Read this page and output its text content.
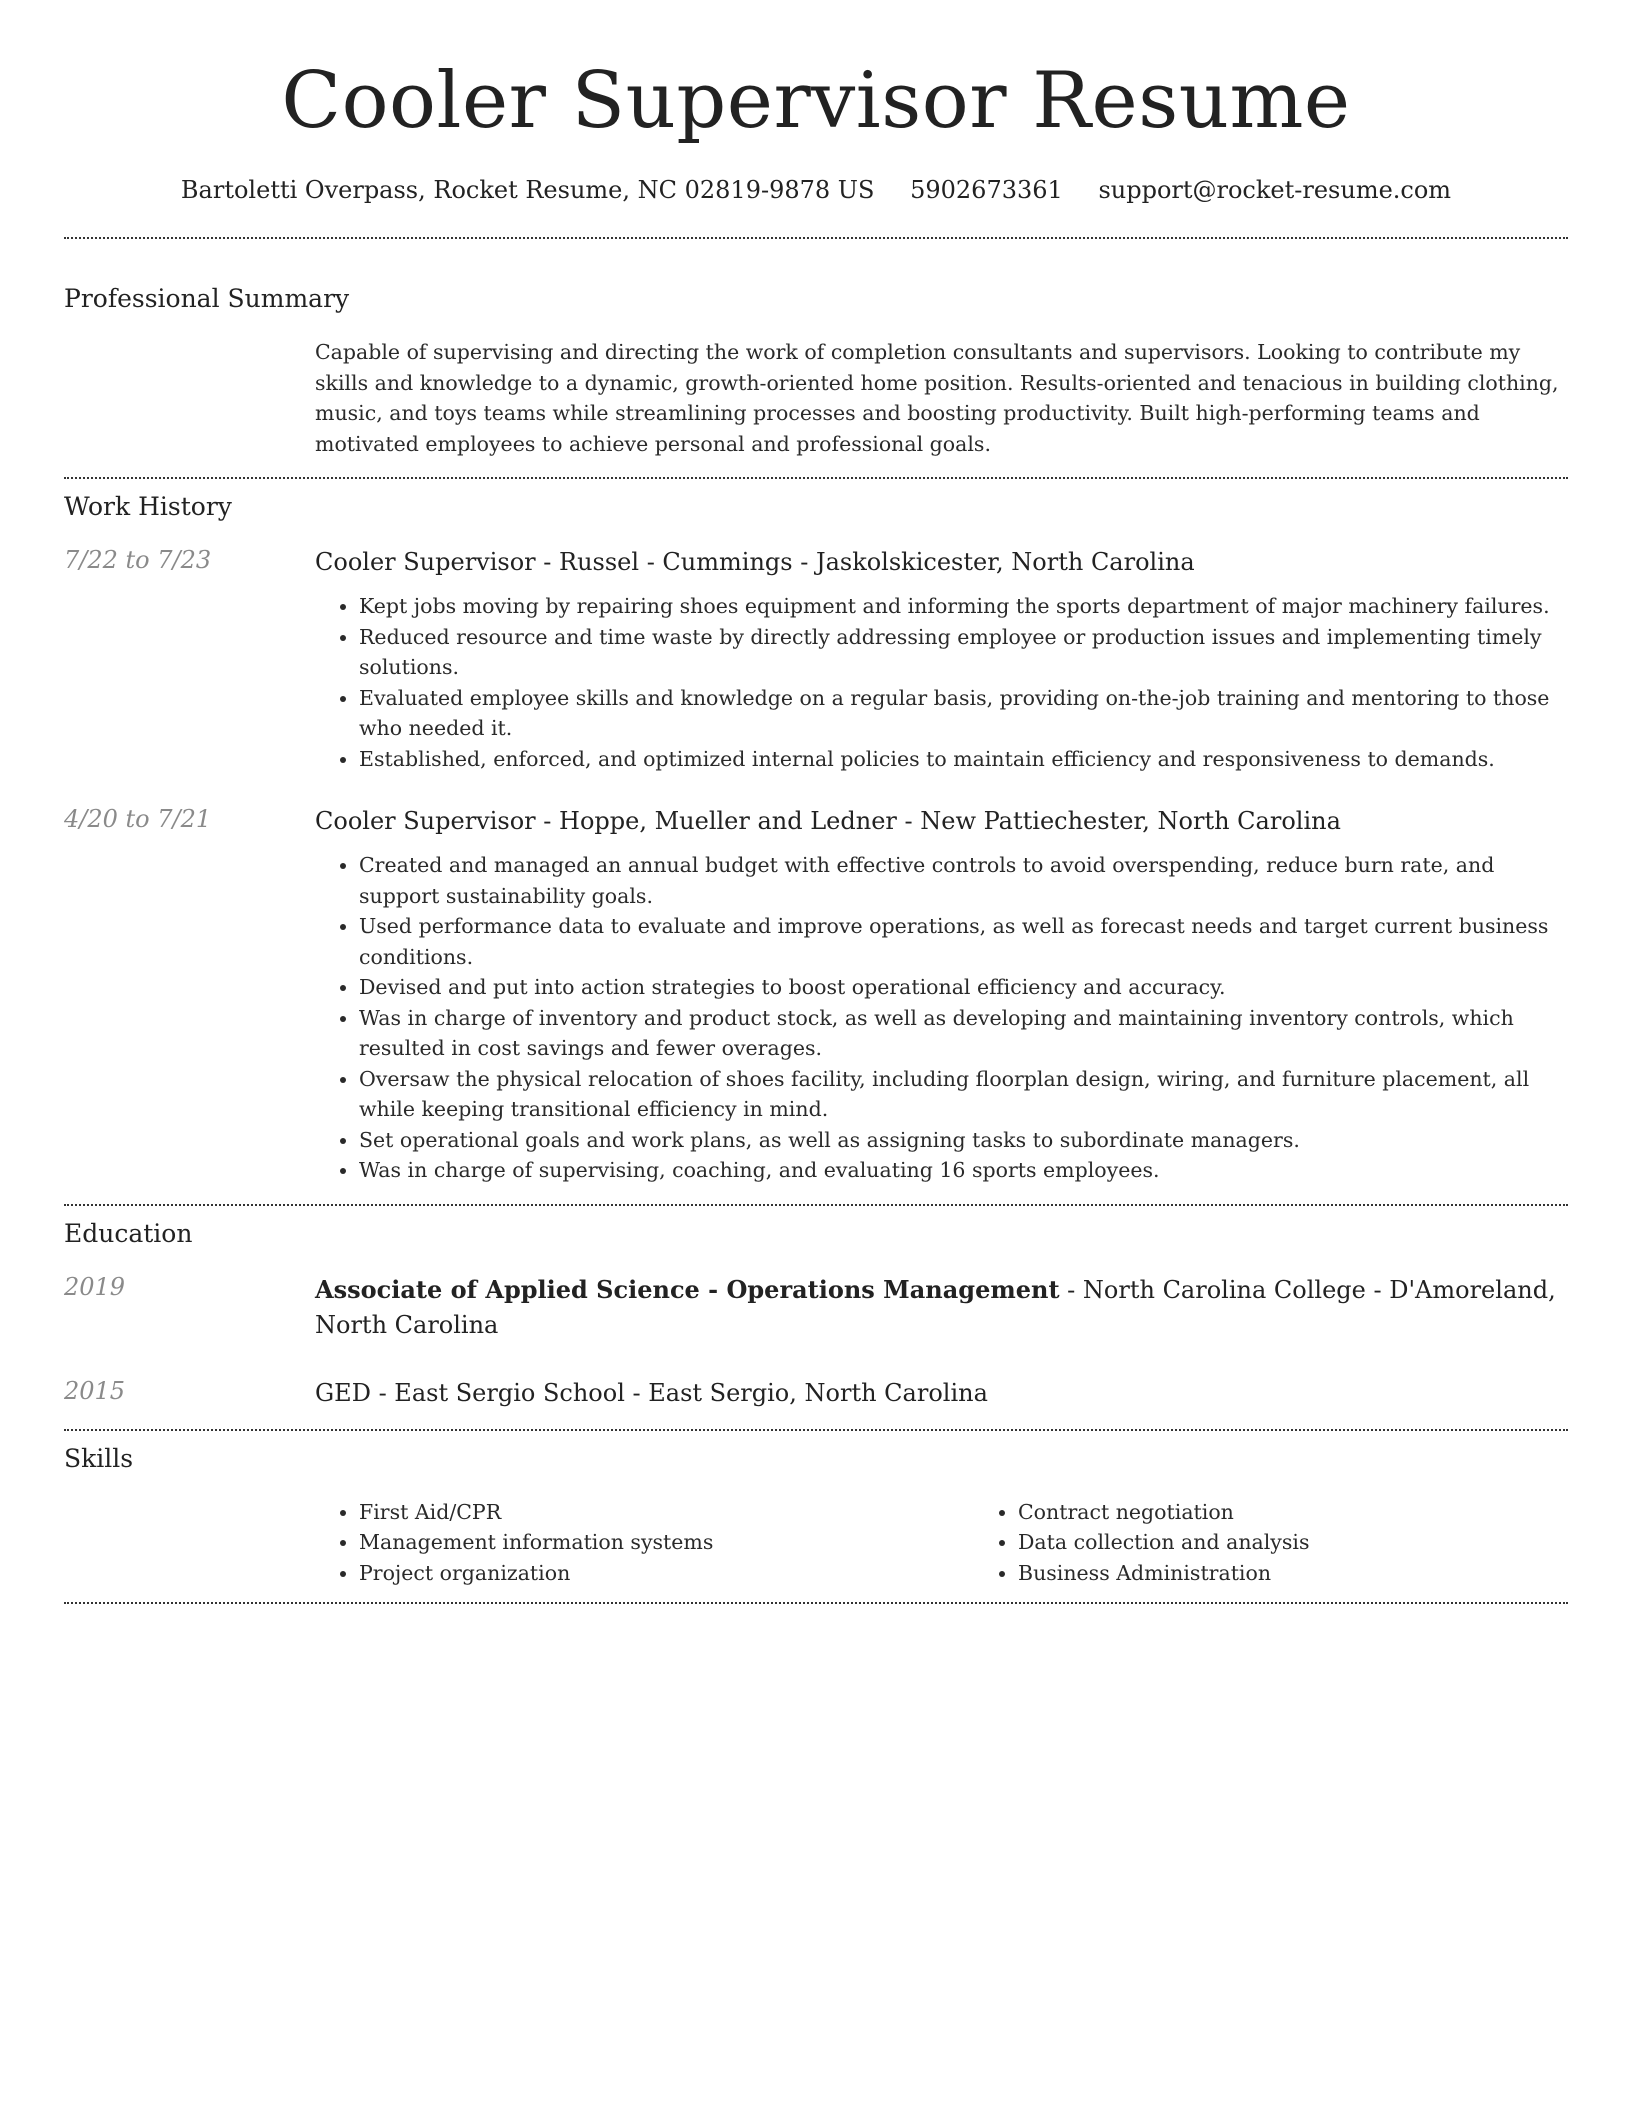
Cooler Supervisor Resume
Bartoletti Overpass, Rocket Resume, NC 02819-9878 US 5902673361 support@rocket-resume.com
Professional Summary
Capable of supervising and directing the work of completion consultants and supervisors. Looking to contribute my skills and knowledge to a dynamic, growth-oriented home position. Results-oriented and tenacious in building clothing, music, and toys teams while streamlining processes and boosting productivity. Built high-performing teams and motivated employees to achieve personal and professional goals.
Work History
7/22 to 7/23	Cooler Supervisor - Russel - Cummings - Jaskolskicester, North Carolina
• Kept jobs moving by repairing shoes equipment and informing the sports department of major machinery failures.
• Reduced resource and time waste by directly addressing employee or production issues and implementing timely solutions.
• Evaluated employee skills and knowledge on a regular basis, providing on-the-job training and mentoring to those who needed it.
• Established, enforced, and optimized internal policies to maintain efficiency and responsiveness to demands.
4/20 to 7/21	Cooler Supervisor - Hoppe, Mueller and Ledner - New Pattiechester, North Carolina
• Created and managed an annual budget with effective controls to avoid overspending, reduce burn rate, and support sustainability goals.
• Used performance data to evaluate and improve operations, as well as forecast needs and target current business conditions.
• Devised and put into action strategies to boost operational efficiency and accuracy.
• Was in charge of inventory and product stock, as well as developing and maintaining inventory controls, which resulted in cost savings and fewer overages.
• Oversaw the physical relocation of shoes facility, including floorplan design, wiring, and furniture placement, all while keeping transitional efficiency in mind.
• Set operational goals and work plans, as well as assigning tasks to subordinate managers.
• Was in charge of supervising, coaching, and evaluating 16 sports employees.
Education
2019	Associate of Applied Science - Operations Management - North Carolina College - D'Amoreland, North Carolina
2015	GED - East Sergio School - East Sergio, North Carolina
Skills
• First Aid/CPR
• Management information systems
• Project organization
• Contract negotiation
• Data collection and analysis
• Business Administration
